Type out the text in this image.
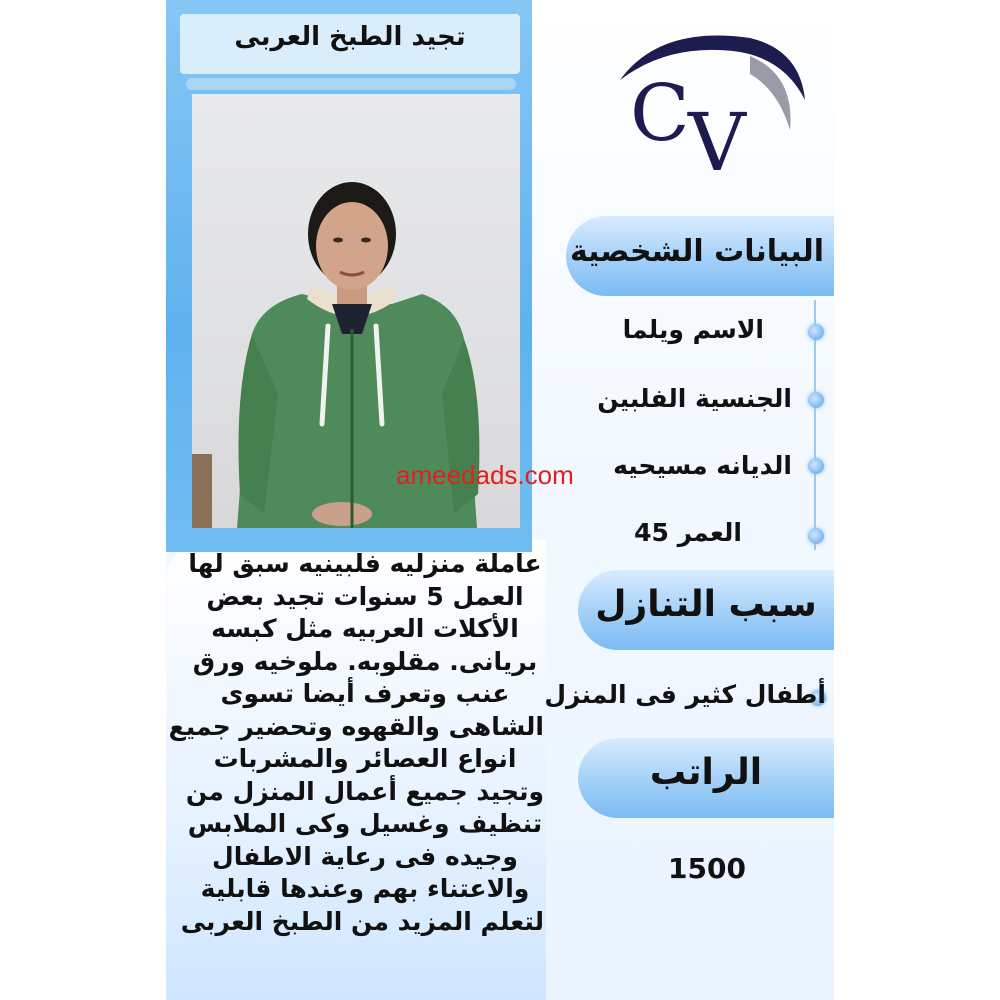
تجيد الطبخ العربى
C
V
البيانات الشخصية
الاسم ويلما
الجنسية الفلبين
الديانه مسيحيه
العمر 45
سبب التنازل
أطفال كثير فى المنزل
الراتب
1500
ameedads.com
عاملة منزليه فلبينيه سبق لها
العمل 5 سنوات تجيد بعض
الأكلات العربيه مثل كبسه
بريانى. مقلوبه. ملوخيه ورق
عنب وتعرف أيضا تسوى
الشاهى والقهوه وتحضير جميع
انواع العصائر والمشربات
وتجيد جميع أعمال المنزل من
تنظيف وغسيل وكى الملابس
وجيده فى رعاية الاطفال
والاعتناء بهم وعندها قابلية
لتعلم المزيد من الطبخ العربى
